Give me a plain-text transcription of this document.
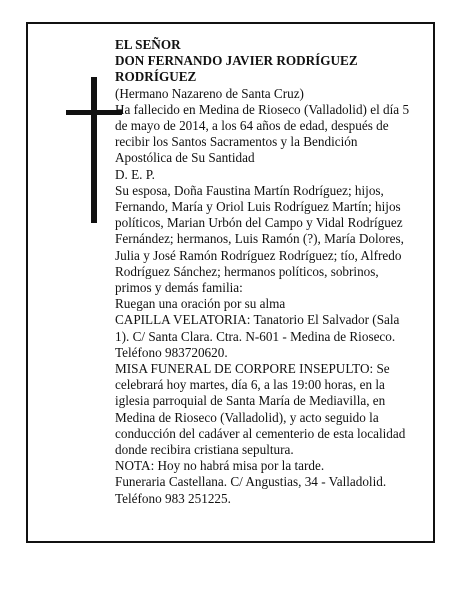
EL SEÑOR

DON FERNANDO JAVIER RODRÍGUEZ RODRÍGUEZ

(Hermano Nazareno de Santa Cruz)

Ha fallecido en Medina de Rioseco (Valladolid) el día 5 de mayo de 2014, a los 64 años de edad, después de recibir los Santos Sacramentos y la Bendición Apostólica de Su Santidad

D. E. P.

Su esposa, Doña Faustina Martín Rodríguez; hijos, Fernando, María y Oriol Luis Rodríguez Martín; hijos políticos, Marian Urbón del Campo y Vidal Rodríguez Fernández; hermanos, Luis Ramón (?), María Dolores, Julia y José Ramón Rodríguez Rodríguez; tío, Alfredo Rodríguez Sánchez; hermanos políticos, sobrinos, primos y demás familia:

Ruegan una oración por su alma

CAPILLA VELATORIA: Tanatorio El Salvador (Sala 1). C/ Santa Clara. Ctra. N-601 - Medina de Rioseco. Teléfono 983720620.

MISA FUNERAL DE CORPORE INSEPULTO: Se celebrará hoy martes, día 6, a las 19:00 horas, en la iglesia parroquial de Santa María de Mediavilla, en Medina de Rioseco (Valladolid), y acto seguido la conducción del cadáver al cementerio de esta localidad donde recibira cristiana sepultura.

NOTA: Hoy no habrá misa por la tarde.

Funeraria Castellana. C/ Angustias, 34 - Valladolid. Teléfono 983 251225.
